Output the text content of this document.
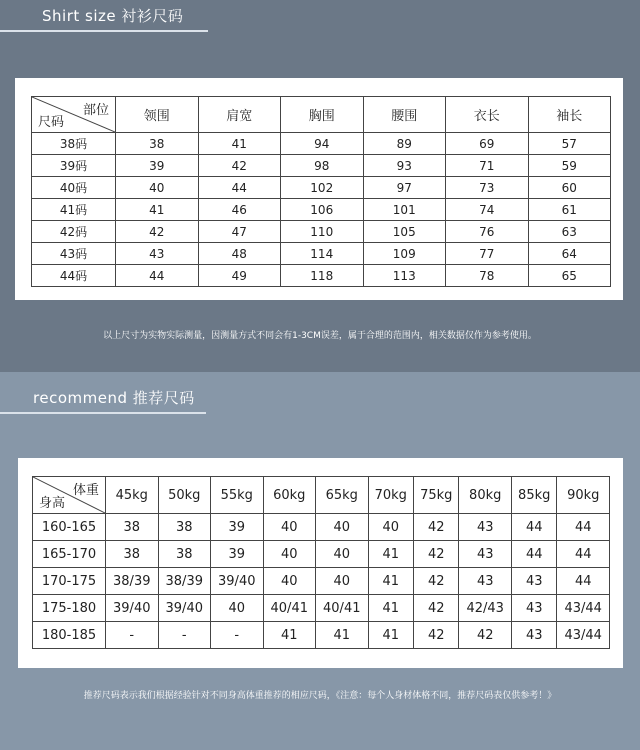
Shirt size 衬衫尺码
部位
尺码	领围	肩宽	胸围	腰围	衣长	袖长
38码	38	41	94	89	69	57
39码	39	42	98	93	71	59
40码	40	44	102	97	73	60
41码	41	46	106	101	74	61
42码	42	47	110	105	76	63
43码	43	48	114	109	77	64
44码	44	49	118	113	78	65
以上尺寸为实物实际测量，因测量方式不同会有1-3CM误差，属于合理的范围内，相关数据仅作为参考使用。
recommend 推荐尺码
体重
身高	45kg	50kg	55kg	60kg	65kg	70kg	75kg	80kg	85kg	90kg
160-165	38	38	39	40	40	40	42	43	44	44
165-170	38	38	39	40	40	41	42	43	44	44
170-175	38/39	38/39	39/40	40	40	41	42	43	43	44
175-180	39/40	39/40	40	40/41	40/41	41	42	42/43	43	43/44
180-185	-	-	-	41	41	41	42	42	43	43/44
推荐尺码表示我们根据经验针对不同身高体重推荐的相应尺码，《注意：每个人身材体格不同，推荐尺码表仅供参考！》
